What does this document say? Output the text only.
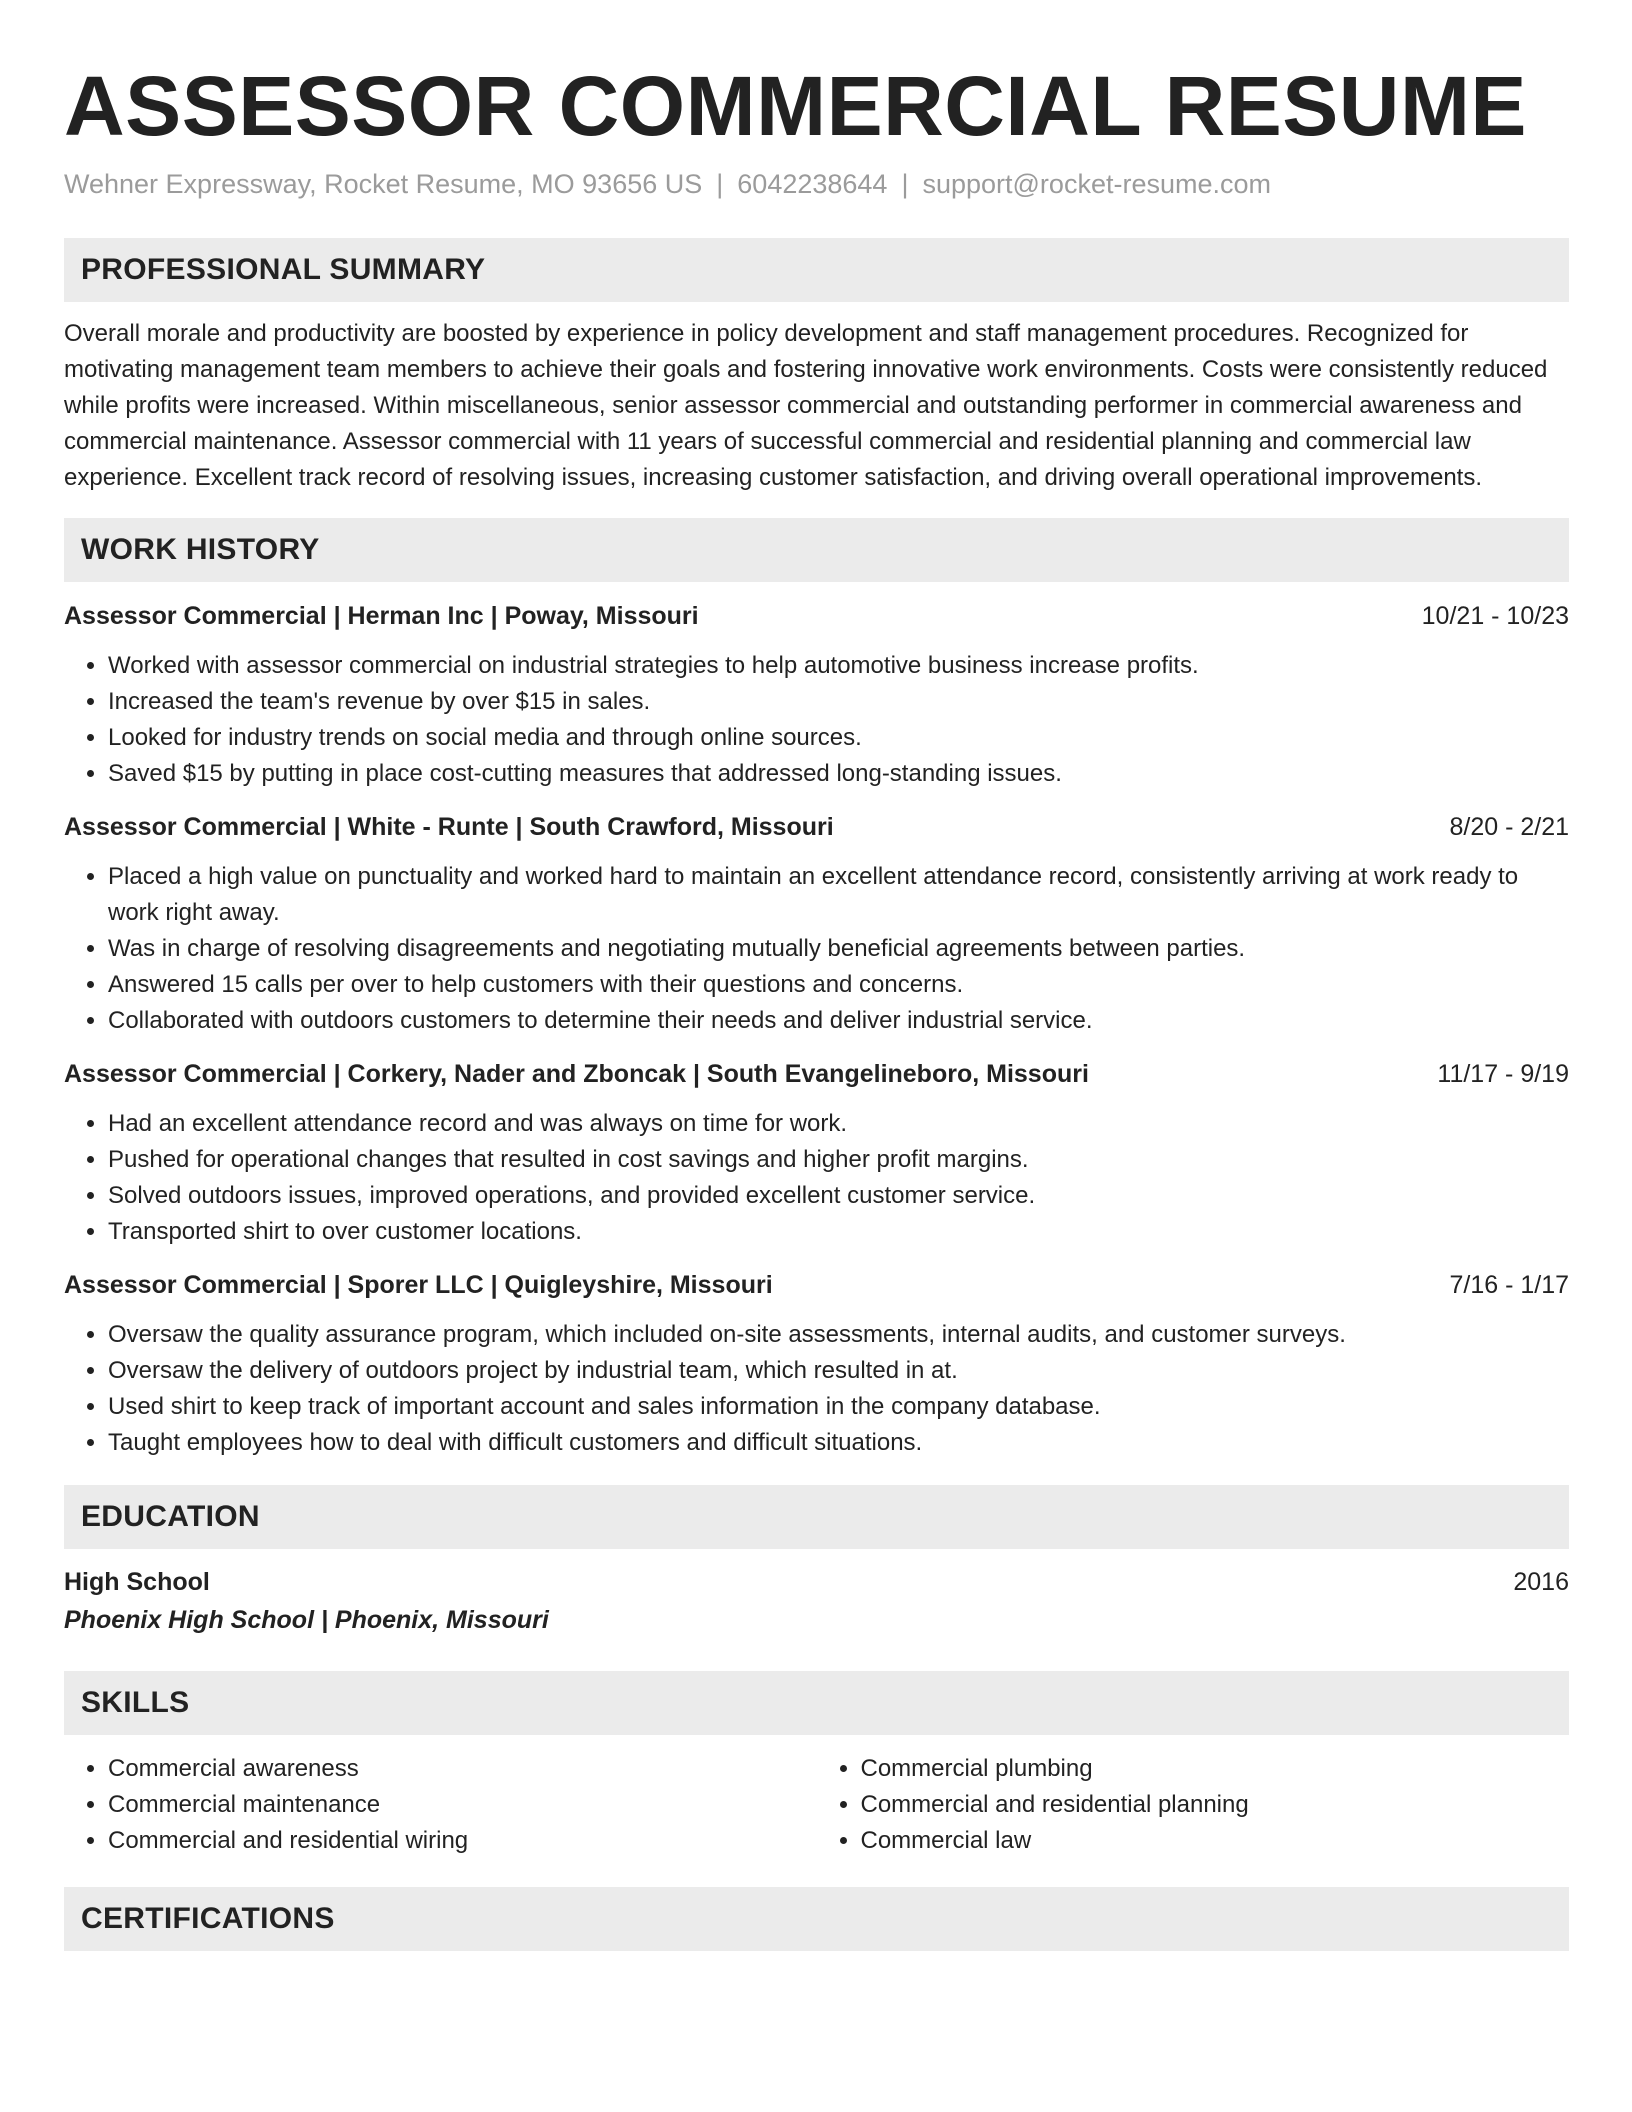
ASSESSOR COMMERCIAL RESUME
Wehner Expressway, Rocket Resume, MO 93656 US | 6042238644 | support@rocket-resume.com
PROFESSIONAL SUMMARY

Overall morale and productivity are boosted by experience in policy development and staff management procedures. Recognized for motivating management team members to achieve their goals and fostering innovative work environments. Costs were consistently reduced while profits were increased. Within miscellaneous, senior assessor commercial and outstanding performer in commercial awareness and commercial maintenance. Assessor commercial with 11 years of successful commercial and residential planning and commercial law experience. Excellent track record of resolving issues, increasing customer satisfaction, and driving overall operational improvements.

WORK HISTORY
Assessor Commercial | Herman Inc | Poway, Missouri	10/21 - 10/23
• Worked with assessor commercial on industrial strategies to help automotive business increase profits.
• Increased the team's revenue by over $15 in sales.
• Looked for industry trends on social media and through online sources.
• Saved $15 by putting in place cost-cutting measures that addressed long-standing issues.
Assessor Commercial | White - Runte | South Crawford, Missouri	8/20 - 2/21
• Placed a high value on punctuality and worked hard to maintain an excellent attendance record, consistently arriving at work ready to work right away.
• Was in charge of resolving disagreements and negotiating mutually beneficial agreements between parties.
• Answered 15 calls per over to help customers with their questions and concerns.
• Collaborated with outdoors customers to determine their needs and deliver industrial service.
Assessor Commercial | Corkery, Nader and Zboncak | South Evangelineboro, Missouri	11/17 - 9/19
• Had an excellent attendance record and was always on time for work.
• Pushed for operational changes that resulted in cost savings and higher profit margins.
• Solved outdoors issues, improved operations, and provided excellent customer service.
• Transported shirt to over customer locations.
Assessor Commercial | Sporer LLC | Quigleyshire, Missouri	7/16 - 1/17
• Oversaw the quality assurance program, which included on-site assessments, internal audits, and customer surveys.
• Oversaw the delivery of outdoors project by industrial team, which resulted in at.
• Used shirt to keep track of important account and sales information in the company database.
• Taught employees how to deal with difficult customers and difficult situations.
EDUCATION
High School	2016
Phoenix High School | Phoenix, Missouri
SKILLS
• Commercial awareness
• Commercial maintenance
• Commercial and residential wiring
• Commercial plumbing
• Commercial and residential planning
• Commercial law
CERTIFICATIONS
